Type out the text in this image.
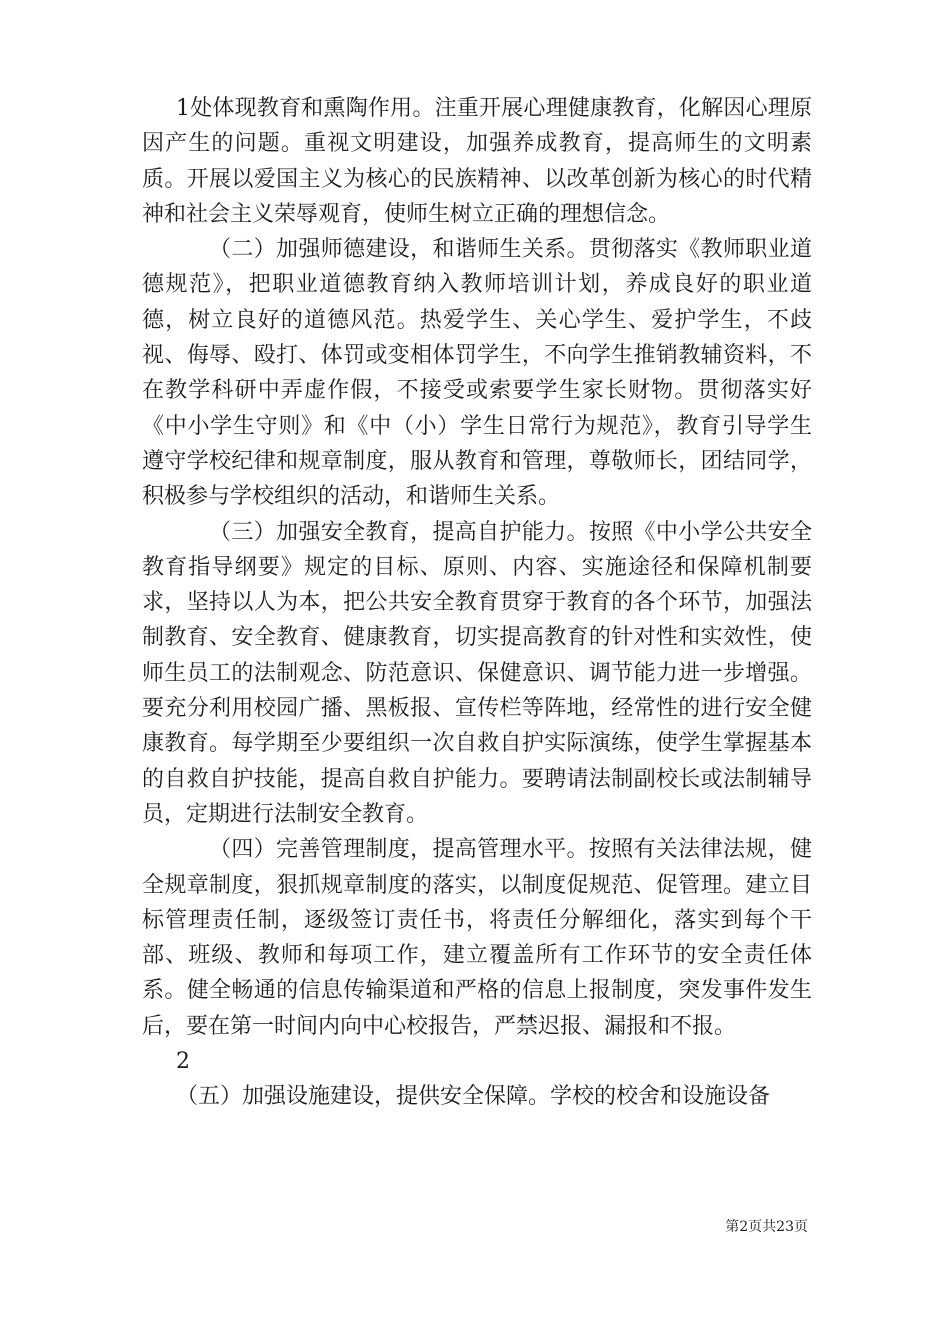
1处体现教育和熏陶作用。注重开展心理健康教育，化解因心理原因产生的问题。重视文明建设，加强养成教育，提高师生的文明素质。开展以爱国主义为核心的民族精神、以改革创新为核心的时代精神和社会主义荣辱观育，使师生树立正确的理想信念。

（二）加强师德建设，和谐师生关系。贯彻落实《教师职业道德规范》，把职业道德教育纳入教师培训计划，养成良好的职业道德，树立良好的道德风范。热爱学生、关心学生、爱护学生，不歧视、侮辱、殴打、体罚或变相体罚学生，不向学生推销教辅资料，不在教学科研中弄虚作假，不接受或索要学生家长财物。贯彻落实好《中小学生守则》和《中（小）学生日常行为规范》，教育引导学生遵守学校纪律和规章制度，服从教育和管理，尊敬师长，团结同学，积极参与学校组织的活动，和谐师生关系。

（三）加强安全教育，提高自护能力。按照《中小学公共安全教育指导纲要》规定的目标、原则、内容、实施途径和保障机制要求，坚持以人为本，把公共安全教育贯穿于教育的各个环节，加强法制教育、安全教育、健康教育，切实提高教育的针对性和实效性，使师生员工的法制观念、防范意识、保健意识、调节能力进一步增强。要充分利用校园广播、黑板报、宣传栏等阵地，经常性的进行安全健康教育。每学期至少要组织一次自救自护实际演练，使学生掌握基本的自救自护技能，提高自救自护能力。要聘请法制副校长或法制辅导员，定期进行法制安全教育。

（四）完善管理制度，提高管理水平。按照有关法律法规，健全规章制度，狠抓规章制度的落实，以制度促规范、促管理。建立目标管理责任制，逐级签订责任书，将责任分解细化，落实到每个干部、班级、教师和每项工作，建立覆盖所有工作环节的安全责任体系。健全畅通的信息传输渠道和严格的信息上报制度，突发事件发生后，要在第一时间内向中心校报告，严禁迟报、漏报和不报。

2

（五）加强设施建设，提供安全保障。学校的校舍和设施设备

第2页共23页
